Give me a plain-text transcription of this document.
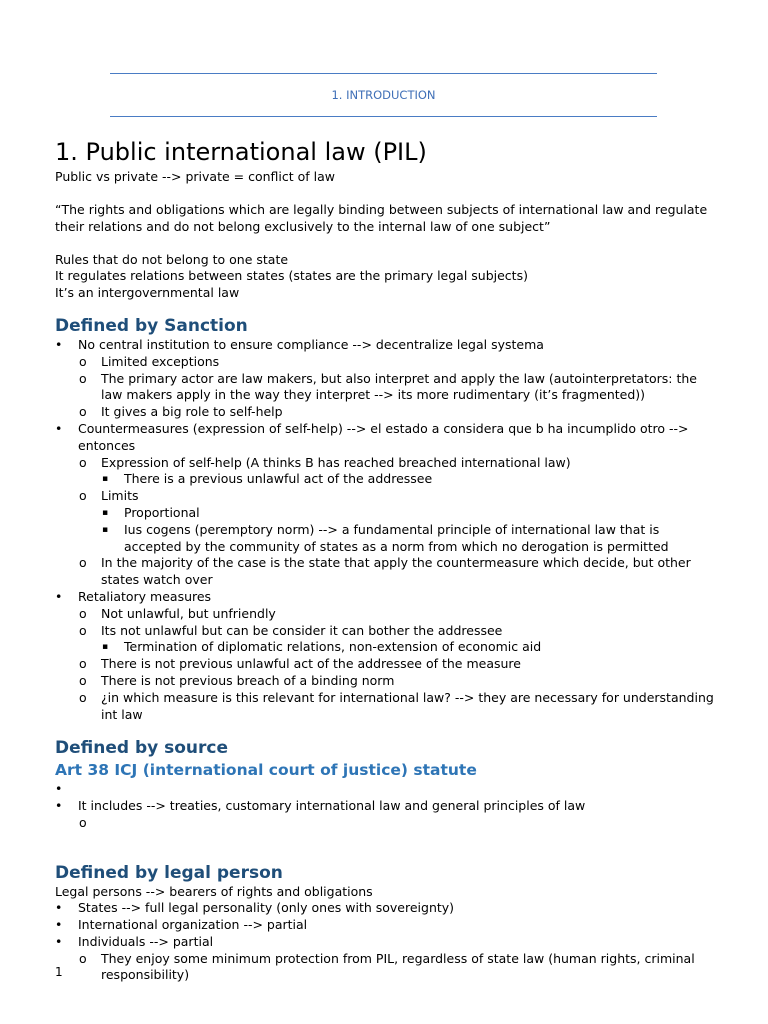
1. INTRODUCTION
1. Public international law (PIL)

Public vs private --> private = conflict of law

“The rights and obligations which are legally binding between subjects of international law and regulate their relations and do not belong exclusively to the internal law of one subject”

Rules that do not belong to one state

It regulates relations between states (states are the primary legal subjects)

It’s an intergovernmental law

Defined by Sanction
• No central institution to ensure compliance --> decentralize legal systema
o Limited exceptions
o The primary actor are law makers, but also interpret and apply the law (autointerpretators: the law makers apply in the way they interpret --> its more rudimentary (it’s fragmented))
o It gives a big role to self-help
• Countermeasures (expression of self-help) --> el estado a considera que b ha incumplido otro --> entonces
o Expression of self-help (A thinks B has reached breached international law)
▪ There is a previous unlawful act of the addressee
o Limits
▪ Proportional
▪ Ius cogens (peremptory norm) --> a fundamental principle of international law that is accepted by the community of states as a norm from which no derogation is permitted
o In the majority of the case is the state that apply the countermeasure which decide, but other states watch over
• Retaliatory measures
o Not unlawful, but unfriendly
o Its not unlawful but can be consider it can bother the addressee
▪ Termination of diplomatic relations, non-extension of economic aid
o There is not previous unlawful act of the addressee of the measure
o There is not previous breach of a binding norm
o ¿in which measure is this relevant for international law? --> they are necessary for understanding int law
Defined by source
Art 38 ICJ (international court of justice) statute
•

• It includes --> treaties, customary international law and general principles of law
o

Defined by legal person

Legal persons --> bearers of rights and obligations

• States --> full legal personality (only ones with sovereignty)
• International organization --> partial
• Individuals --> partial
o They enjoy some minimum protection from PIL, regardless of state law (human rights, criminal responsibility)
1
